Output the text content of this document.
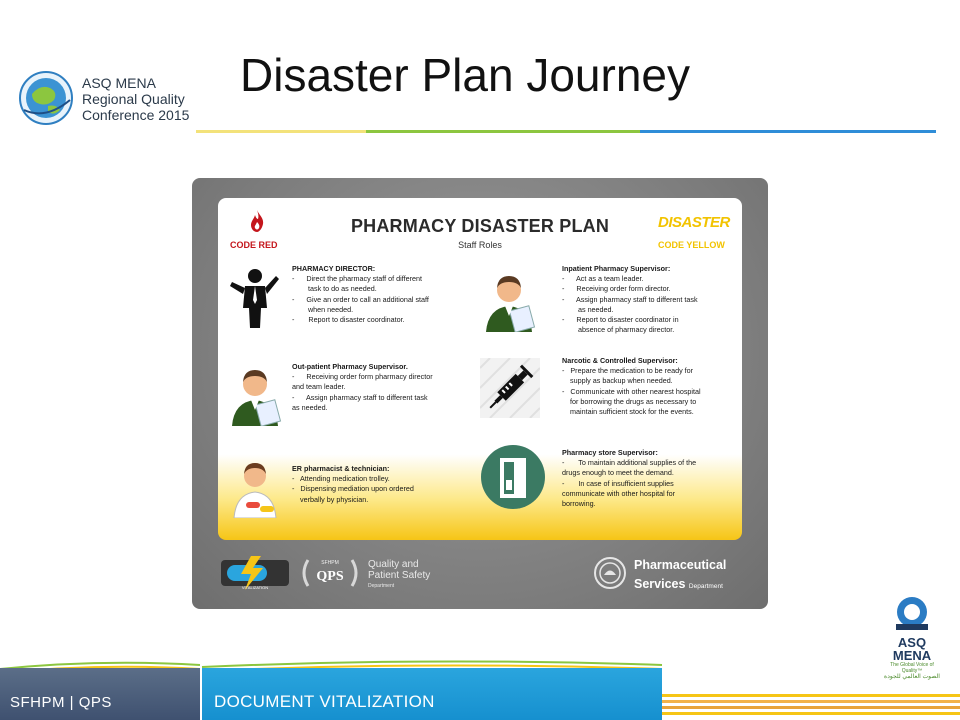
ASQ MENA
Regional Quality
Conference 2015
Disaster Plan Journey
CODE RED
PHARMACY DISASTER PLAN
Staff Roles
DISASTER
CODE YELLOW
PHARMACY DIRECTOR:
-      Direct the pharmacy staff of different
task to do as needed.
-      Give an order to call an additional staff
when needed.
-       Report to disaster coordinator.
Inpatient Pharmacy Supervisor:
-      Act as a team leader.
-      Receiving order form director.
-      Assign pharmacy staff to different task
as needed.
-      Report to disaster coordinator in
absence of pharmacy director.
Out-patient Pharmacy Supervisor.
-      Receiving order form pharmacy director
and team leader.
-      Assign pharmacy staff to different task
as needed.
Narcotic & Controlled Supervisor:
-   Prepare the medication to be ready for
supply as backup when needed.
-   Communicate with other nearest hospital
for borrowing the drugs as necessary to
maintain sufficient stock for the events.
ER pharmacist & technician:
-   Attending medication trolley.
-   Dispensing mediation upon ordered
verbally by physician.
Pharmacy store Supervisor:
-       To maintain additional supplies of the
drugs enough to meet the demand.
-       In case of insufficient supplies
communicate with other hospital for
borrowing.
VITALIZATION
SFHPM
QPS
Quality and
Patient Safety
Department
Pharmaceutical
Services Department
ASQ
MENA
The Global Voice of Quality™
الصوت العالمي للجودة
SFHPM | QPS	DOCUMENT VITALIZATION
